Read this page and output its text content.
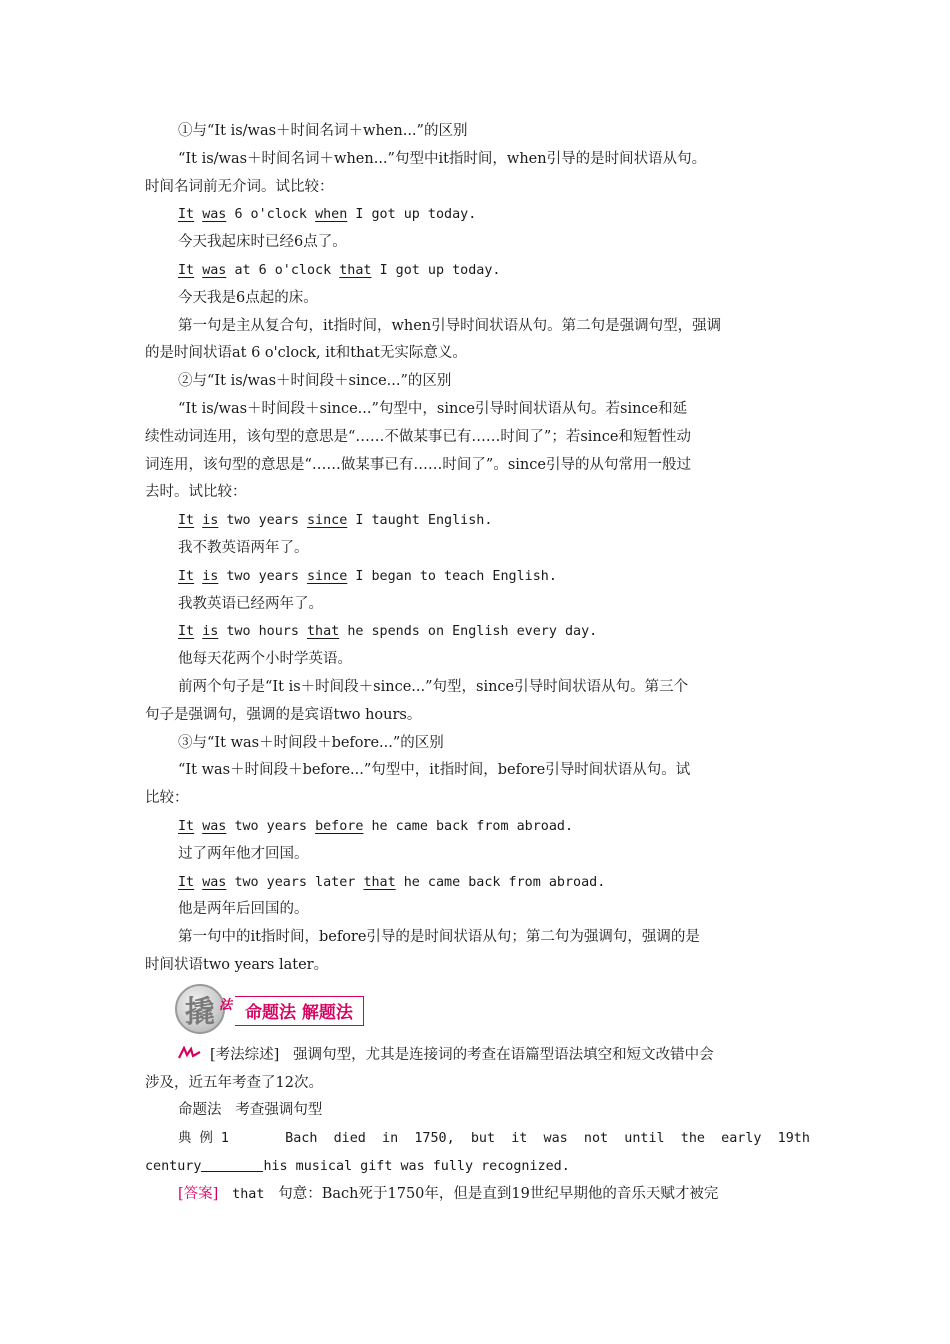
①与“It is/was＋时间名词＋when...”的区别
“It is/was＋时间名词＋when...”句型中it指时间，when引导的是时间状语从句。
时间名词前无介词。试比较：
It was 6 o'clock when I got up today.
今天我起床时已经6点了。
It was at 6 o'clock that I got up today.
今天我是6点起的床。
第一句是主从复合句，it指时间，when引导时间状语从句。第二句是强调句型，强调
的是时间状语at 6 o'clock, it和that无实际意义。
②与“It is/was＋时间段＋since...”的区别
“It is/was＋时间段＋since...”句型中，since引导时间状语从句。若since和延
续性动词连用，该句型的意思是“……不做某事已有……时间了”；若since和短暂性动
词连用，该句型的意思是“……做某事已有……时间了”。since引导的从句常用一般过
去时。试比较：
It is two years since I taught English.
我不教英语两年了。
It is two years since I began to teach English.
我教英语已经两年了。
It is two hours that he spends on English every day.
他每天花两个小时学英语。
前两个句子是“It is＋时间段＋since...”句型，since引导时间状语从句。第三个
句子是强调句，强调的是宾语two hours。
③与“It was＋时间段＋before...”的区别
“It was＋时间段＋before...”句型中，it指时间，before引导时间状语从句。试
比较：
It was two years before he came back from abroad.
过了两年他才回国。
It was two years later that he came back from abroad.
他是两年后回国的。
第一句中的it指时间，before引导的是时间状语从句；第二句为强调句，强调的是
时间状语two years later。
撬 法 命题法 解题法
[考法综述] 强调句型，尤其是连接词的考查在语篇型语法填空和短文改错中会
涉及，近五年考查了12次。
命题法 考查强调句型
典 例 1	Bach died in 1750, but it was not until the early 19th
century	his musical gift was fully recognized.
[答案] that 句意：Bach死于1750年，但是直到19世纪早期他的音乐天赋才被完
